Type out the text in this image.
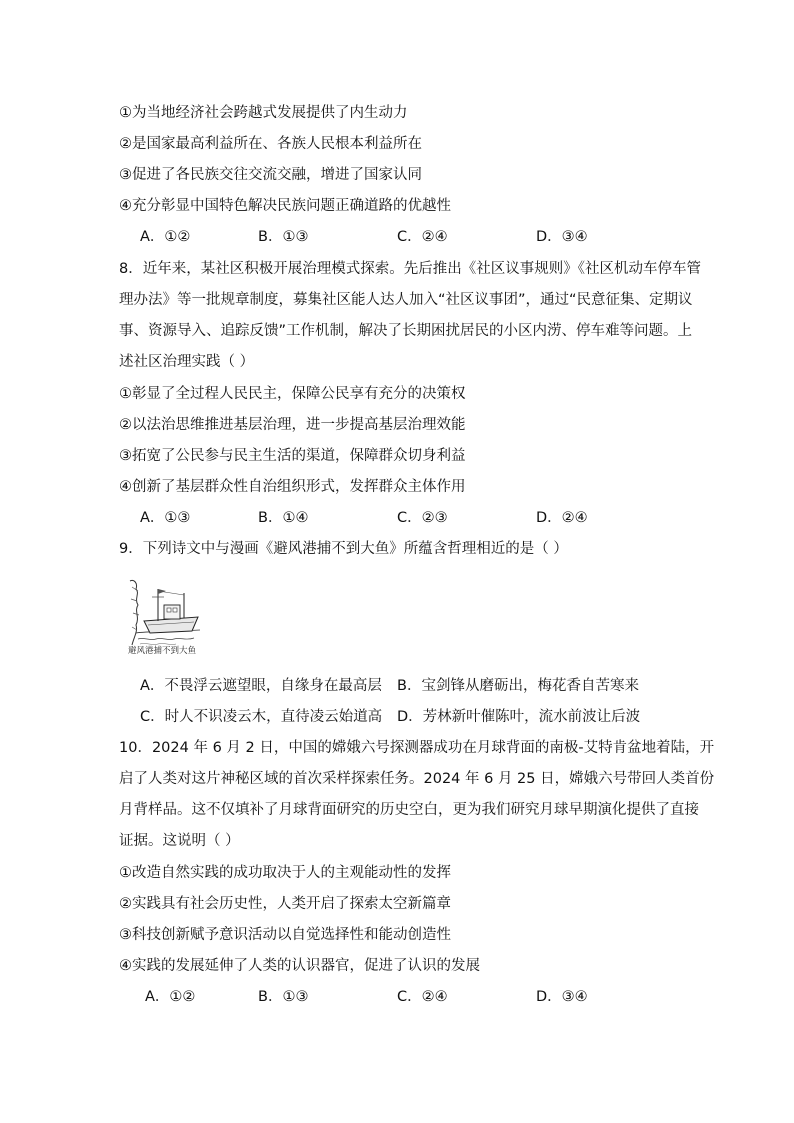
①为当地经济社会跨越式发展提供了内生动力
②是国家最高利益所在、各族人民根本利益所在
③促进了各民族交往交流交融，增进了国家认同
④充分彰显中国特色解决民族问题正确道路的优越性
A．①②	B．①③	C．②④	D．③④
8．近年来，某社区积极开展治理模式探索。先后推出《社区议事规则》《社区机动车停车管
理办法》等一批规章制度，募集社区能人达人加入“社区议事团”，通过“民意征集、定期议
事、资源导入、追踪反馈”工作机制，解决了长期困扰居民的小区内涝、停车难等问题。上
述社区治理实践（ ）
①彰显了全过程人民民主，保障公民享有充分的决策权
②以法治思维推进基层治理，进一步提高基层治理效能
③拓宽了公民参与民主生活的渠道，保障群众切身利益
④创新了基层群众性自治组织形式，发挥群众主体作用
A．①③	B．①④	C．②③	D．②④
9．下列诗文中与漫画《避风港捕不到大鱼》所蕴含哲理相近的是（ ）
避风港捕不到大鱼
A．不畏浮云遮望眼，自缘身在最高层 B．宝剑锋从磨砺出，梅花香自苦寒来
C．时人不识凌云木，直待凌云始道高 D．芳林新叶催陈叶，流水前波让后波
10．2024 年 6 月 2 日，中国的嫦娥六号探测器成功在月球背面的南极-艾特肯盆地着陆，开
启了人类对这片神秘区域的首次采样探索任务。2024 年 6 月 25 日，嫦娥六号带回人类首份
月背样品。这不仅填补了月球背面研究的历史空白，更为我们研究月球早期演化提供了直接
证据。这说明（ ）
①改造自然实践的成功取决于人的主观能动性的发挥
②实践具有社会历史性，人类开启了探索太空新篇章
③科技创新赋予意识活动以自觉选择性和能动创造性
④实践的发展延伸了人类的认识器官，促进了认识的发展
A．①②	B．①③	C．②④	D．③④
